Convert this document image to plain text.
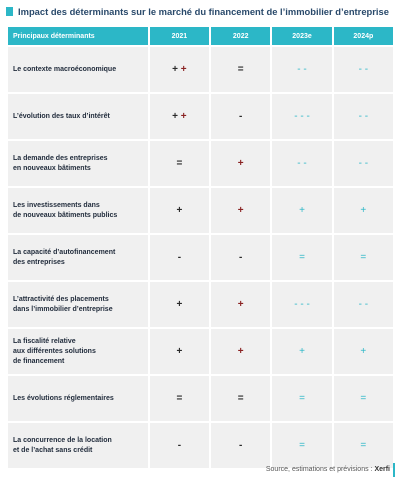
Impact des déterminants sur le marché du financement de l’immobilier d’entreprise
Principaux déterminants	2021	2022	2023e	2024p
Le contexte macroéconomique	+ +	=	- -	- -
L’évolution des taux d’intérêt	+ +	-	- - -	- -
La demande des entreprises
en nouveaux bâtiments	=	+	- -	- -
Les investissements dans
de nouveaux bâtiments publics	+	+	+	+
La capacité d’autofinancement
des entreprises	-	-	=	=
L’attractivité des placements
dans l’immobilier d’entreprise	+	+	- - -	- -
La fiscalité relative
aux différentes solutions
de financement	+	+	+	+
Les évolutions réglementaires	=	=	=	=
La concurrence de la location
et de l’achat sans crédit	-	-	=	=
Source, estimations et prévisions : Xerfi
